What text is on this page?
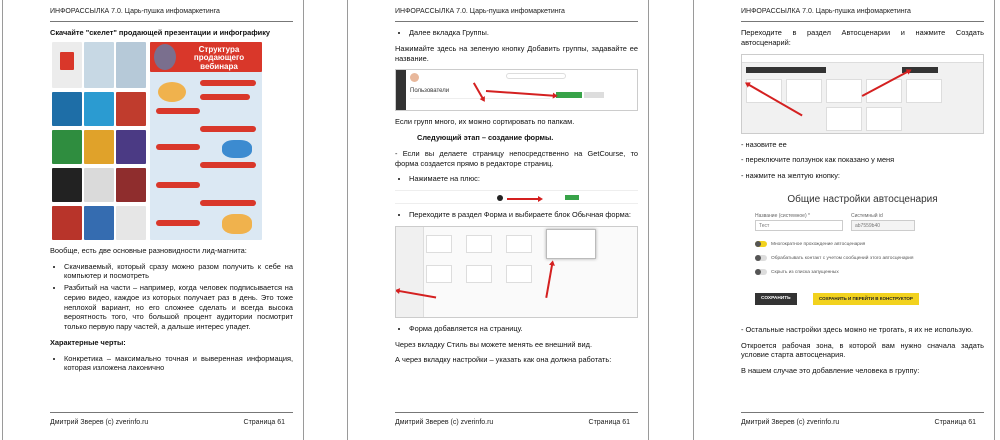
ИНФОРАССЫЛКА 7.0. Царь-пушка инфомаркетинга

Скачайте "скелет" продающей презентации и инфографику

Структура продающего вебинара

Вообще, есть две основные разновидности лид-магнита:

• Скачиваемый, который сразу можно разом получить к себе на компьютер и посмотреть
• Разбитый на части – например, когда человек подписывается на серию видео, каждое из которых получает раз в день. Это тоже неплохой вариант, но его сложнее сделать и всегда высока вероятность того, что большой процент аудитории посмотрит только первую пару частей, а дальше интерес упадет.

Характерные черты:

• Конкретика – максимально точная и выверенная информация, которая изложена лаконично
Дмитрий Зверев (с) zverinfo.ru	Страница 61
ИНФОРАССЫЛКА 7.0. Царь-пушка инфомаркетинга
• Далее вкладка Группы.

Нажимайте здесь на зеленую кнопку Добавить группы, задавайте ее название.

Пользователи

Если групп много, их можно сортировать по папкам.

Следующий этап – создание формы.

- Если вы делаете страницу непосредственно на GetCourse, то форма создается прямо в редакторе страниц.

• Нажимаете на плюс:
• Переходите в раздел Форма и выбираете блок Обычная форма:
• Форма добавляется на страницу.

Через вкладку Стиль вы можете менять ее внешний вид.

А через вкладку настройки – указать как она должна работать:

Дмитрий Зверев (с) zverinfo.ru	Страница 61
ИНФОРАССЫЛКА 7.0. Царь-пушка инфомаркетинга

Переходите в раздел Автосценарии и нажмите Создать автосценарий:

- назовите ее

- переключите ползунок как показано у меня

- нажмите на желтую кнопку:

Общие настройки автосценария
Название (системное) *	Системный id
Тест	ab7559b40
Многократное прохождение автосценария
Обрабатывать контакт с учетом сообщений этого автосценария
Скрыть из списка запущенных
СОХРАНИТЬ	СОХРАНИТЬ И ПЕРЕЙТИ В КОНСТРУКТОР

- Остальные настройки здесь можно не трогать, я их не использую.

Откроется рабочая зона, в которой вам нужно сначала задать условие старта автосценария.

В нашем случае это добавление человека в группу:

Дмитрий Зверев (с) zverinfo.ru	Страница 61
